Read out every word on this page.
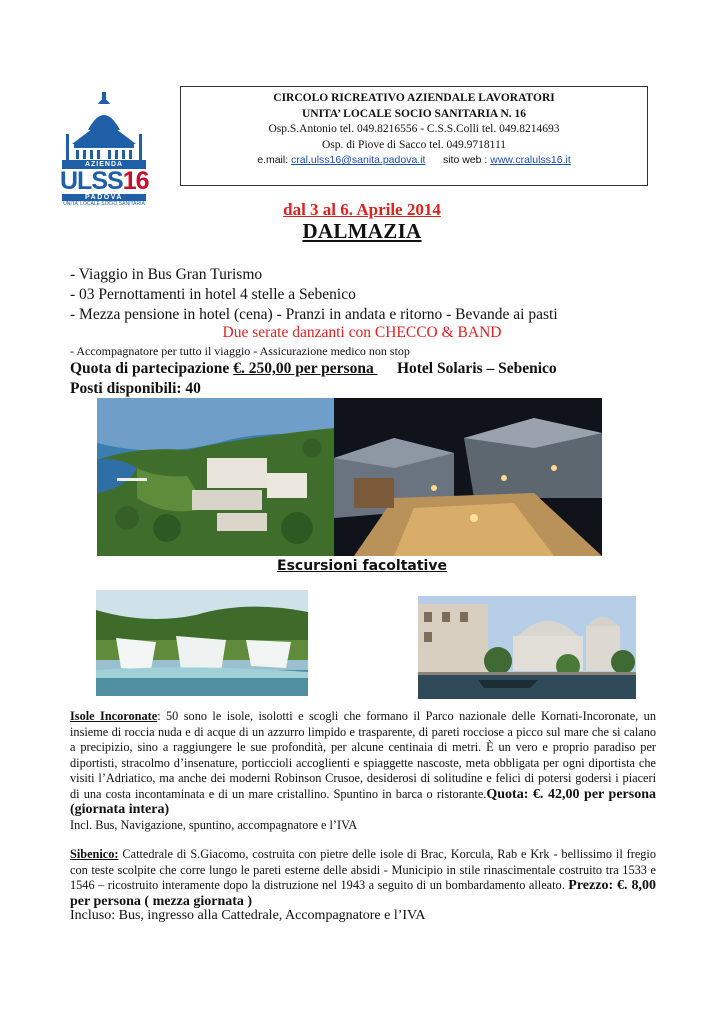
AZIENDA
ULSS16
PADOVA
UNITA' LOCALE SOCIO SANITARIA
CIRCOLO RICREATIVO AZIENDALE LAVORATORI
UNITA’ LOCALE SOCIO SANITARIA N. 16
Osp.S.Antonio tel. 049.8216556 - C.S.S.Colli tel. 049.8214693
Osp. di Piove di Sacco tel. 049.9718111
e.mail: cral.ulss16@sanita.padova.it sito web : www.cralulss16.it
dal 3 al 6. Aprile 2014
DALMAZIA
- Viaggio in Bus Gran Turismo
- 03 Pernottamenti in hotel 4 stelle a Sebenico
- Mezza pensione in hotel (cena) - Pranzi in andata e ritorno - Bevande ai pasti
Due serate danzanti con CHECCO & BAND
- Accompagnatore per tutto il viaggio - Assicurazione medico non stop
Quota di partecipazione €. 250,00 per persona      Hotel Solaris – Sebenico
Posti disponibili: 40
Escursioni facoltative
Isole Incoronate: 50 sono le isole, isolotti e scogli che formano il Parco nazionale delle Kornati-Incoronate, un insieme di roccia nuda e di acque di un azzurro limpido e trasparente, di pareti rocciose a picco sul mare che si calano a precipizio, sino a raggiungere le sue profondità, per alcune centinaia di metri. È un vero e proprio paradiso per diportisti, stracolmo d’insenature, porticcioli accoglienti e spiaggette nascoste, meta obbligata per ogni diportista che visiti l’Adriatico, ma anche dei moderni Robinson Crusoe, desiderosi di solitudine e felici di potersi godersi i piaceri di una costa incontaminata e di un mare cristallino. Spuntino in barca o ristorante.Quota: €. 42,00 per persona (giornata intera)
Incl. Bus, Navigazione, spuntino, accompagnatore e l’IVA
Sibenico: Cattedrale di S.Giacomo, costruita con pietre delle isole di Brac, Korcula, Rab e Krk - bellissimo il fregio con teste scolpite che corre lungo le pareti esterne delle absidi - Municipio in stile rinascimentale costruito tra 1533 e 1546 – ricostruito interamente dopo la distruzione nel 1943 a seguito di un bombardamento alleato. Prezzo: €. 8,00 per persona ( mezza giornata )
Incluso: Bus, ingresso alla Cattedrale, Accompagnatore e l’IVA
